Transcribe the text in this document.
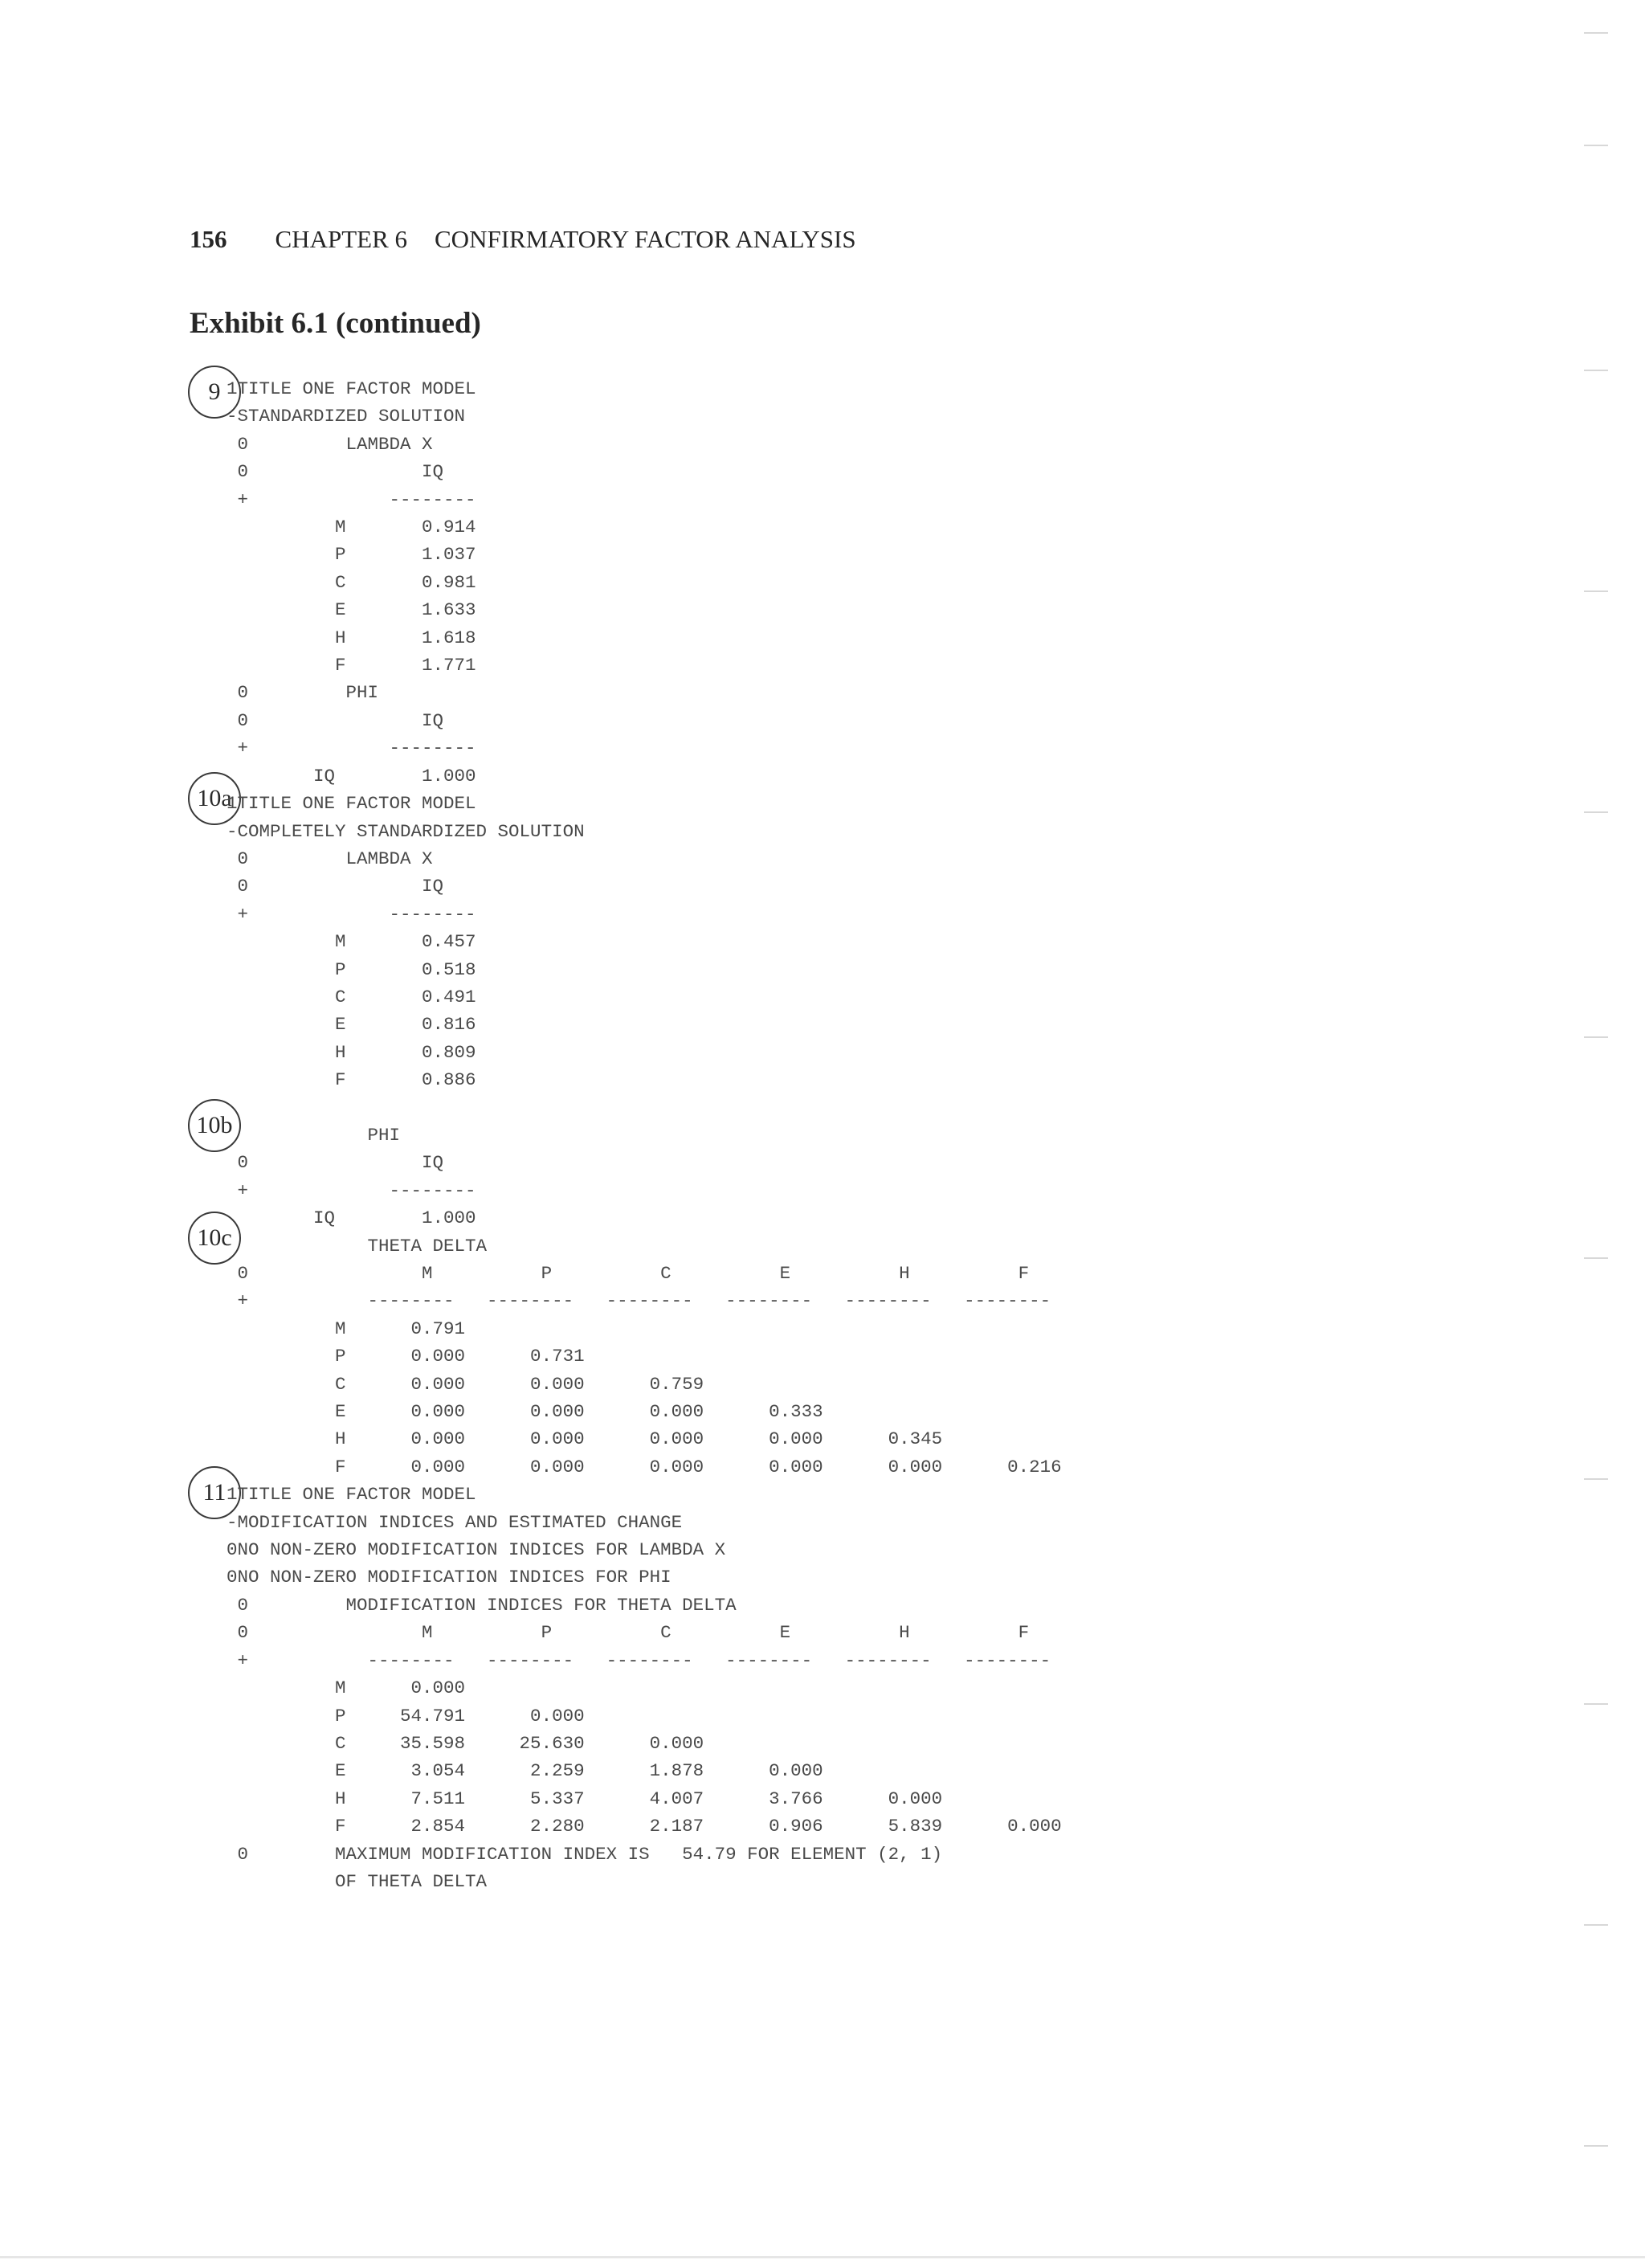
156 CHAPTER 6 CONFIRMATORY FACTOR ANALYSIS
Exhibit 6.1 (continued)
9
10a
10b
10c
11
1TITLE ONE FACTOR MODEL
-STANDARDIZED SOLUTION
0         LAMBDA X
0                IQ
+             --------
M       0.914
P       1.037
C       0.981
E       1.633
H       1.618
F       1.771
0         PHI
0                IQ
+             --------
IQ        1.000
1TITLE ONE FACTOR MODEL
-COMPLETELY STANDARDIZED SOLUTION
0         LAMBDA X
0                IQ
+             --------
M       0.457
P       0.518
C       0.491
E       0.816
H       0.809
F       0.886

PHI
0                IQ
+             --------
IQ        1.000
THETA DELTA
0                M          P          C          E          H          F
+           --------   --------   --------   --------   --------   --------
M      0.791
P      0.000      0.731
C      0.000      0.000      0.759
E      0.000      0.000      0.000      0.333
H      0.000      0.000      0.000      0.000      0.345
F      0.000      0.000      0.000      0.000      0.000      0.216
1TITLE ONE FACTOR MODEL
-MODIFICATION INDICES AND ESTIMATED CHANGE
0NO NON-ZERO MODIFICATION INDICES FOR LAMBDA X
0NO NON-ZERO MODIFICATION INDICES FOR PHI
0         MODIFICATION INDICES FOR THETA DELTA
0                M          P          C          E          H          F
+           --------   --------   --------   --------   --------   --------
M      0.000
P     54.791      0.000
C     35.598     25.630      0.000
E      3.054      2.259      1.878      0.000
H      7.511      5.337      4.007      3.766      0.000
F      2.854      2.280      2.187      0.906      5.839      0.000
0        MAXIMUM MODIFICATION INDEX IS   54.79 FOR ELEMENT (2, 1)
OF THETA DELTA
